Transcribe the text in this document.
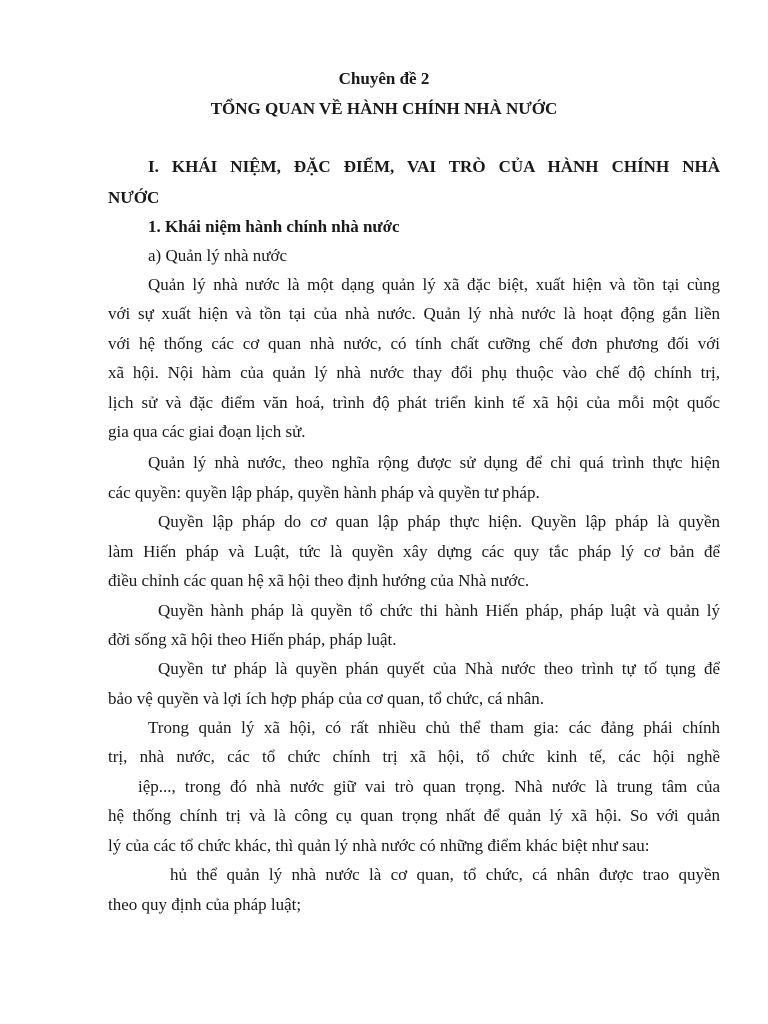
Chuyên đề 2
TỔNG QUAN VỀ HÀNH CHÍNH NHÀ NƯỚC
I. KHÁI NIỆM, ĐẶC ĐIỂM, VAI TRÒ CỦA HÀNH CHÍNH NHÀ
NƯỚC
1. Khái niệm hành chính nhà nước
a) Quản lý nhà nước
Quản lý nhà nước là một dạng quản lý xã đặc biệt, xuất hiện và tồn tại cùng
với sự xuất hiện và tồn tại của nhà nước. Quản lý nhà nước là hoạt động gắn liền
với hệ thống các cơ quan nhà nước, có tính chất cưỡng chế đơn phương đối với
xã hội. Nội hàm của quản lý nhà nước thay đổi phụ thuộc vào chế độ chính trị,
lịch sử và đặc điểm văn hoá, trình độ phát triển kinh tế xã hội của mỗi một quốc
gia qua các giai đoạn lịch sử.
Quản lý nhà nước, theo nghĩa rộng được sử dụng để chỉ quá trình thực hiện
các quyền: quyền lập pháp, quyền hành pháp và quyền tư pháp.
Quyền lập pháp do cơ quan lập pháp thực hiện. Quyền lập pháp là quyền
làm Hiến pháp và Luật, tức là quyền xây dựng các quy tắc pháp lý cơ bản để
điều chỉnh các quan hệ xã hội theo định hướng của Nhà nước.
Quyền hành pháp là quyền tổ chức thi hành Hiến pháp, pháp luật và quản lý
đời sống xã hội theo Hiến pháp, pháp luật.
Quyền tư pháp là quyền phán quyết của Nhà nước theo trình tự tố tụng để
bảo vệ quyền và lợi ích hợp pháp của cơ quan, tổ chức, cá nhân.
Trong quản lý xã hội, có rất nhiều chủ thể tham gia: các đảng phái chính
trị, nhà nước, các tổ chức chính trị xã hội, tổ chức kinh tế, các hội nghề
iệp..., trong đó nhà nước giữ vai trò quan trọng. Nhà nước là trung tâm của
hệ thống chính trị và là công cụ quan trọng nhất để quản lý xã hội. So với quản
lý của các tổ chức khác, thì quản lý nhà nước có những điểm khác biệt như sau:
hủ thể quản lý nhà nước là cơ quan, tổ chức, cá nhân được trao quyền
theo quy định của pháp luật;
